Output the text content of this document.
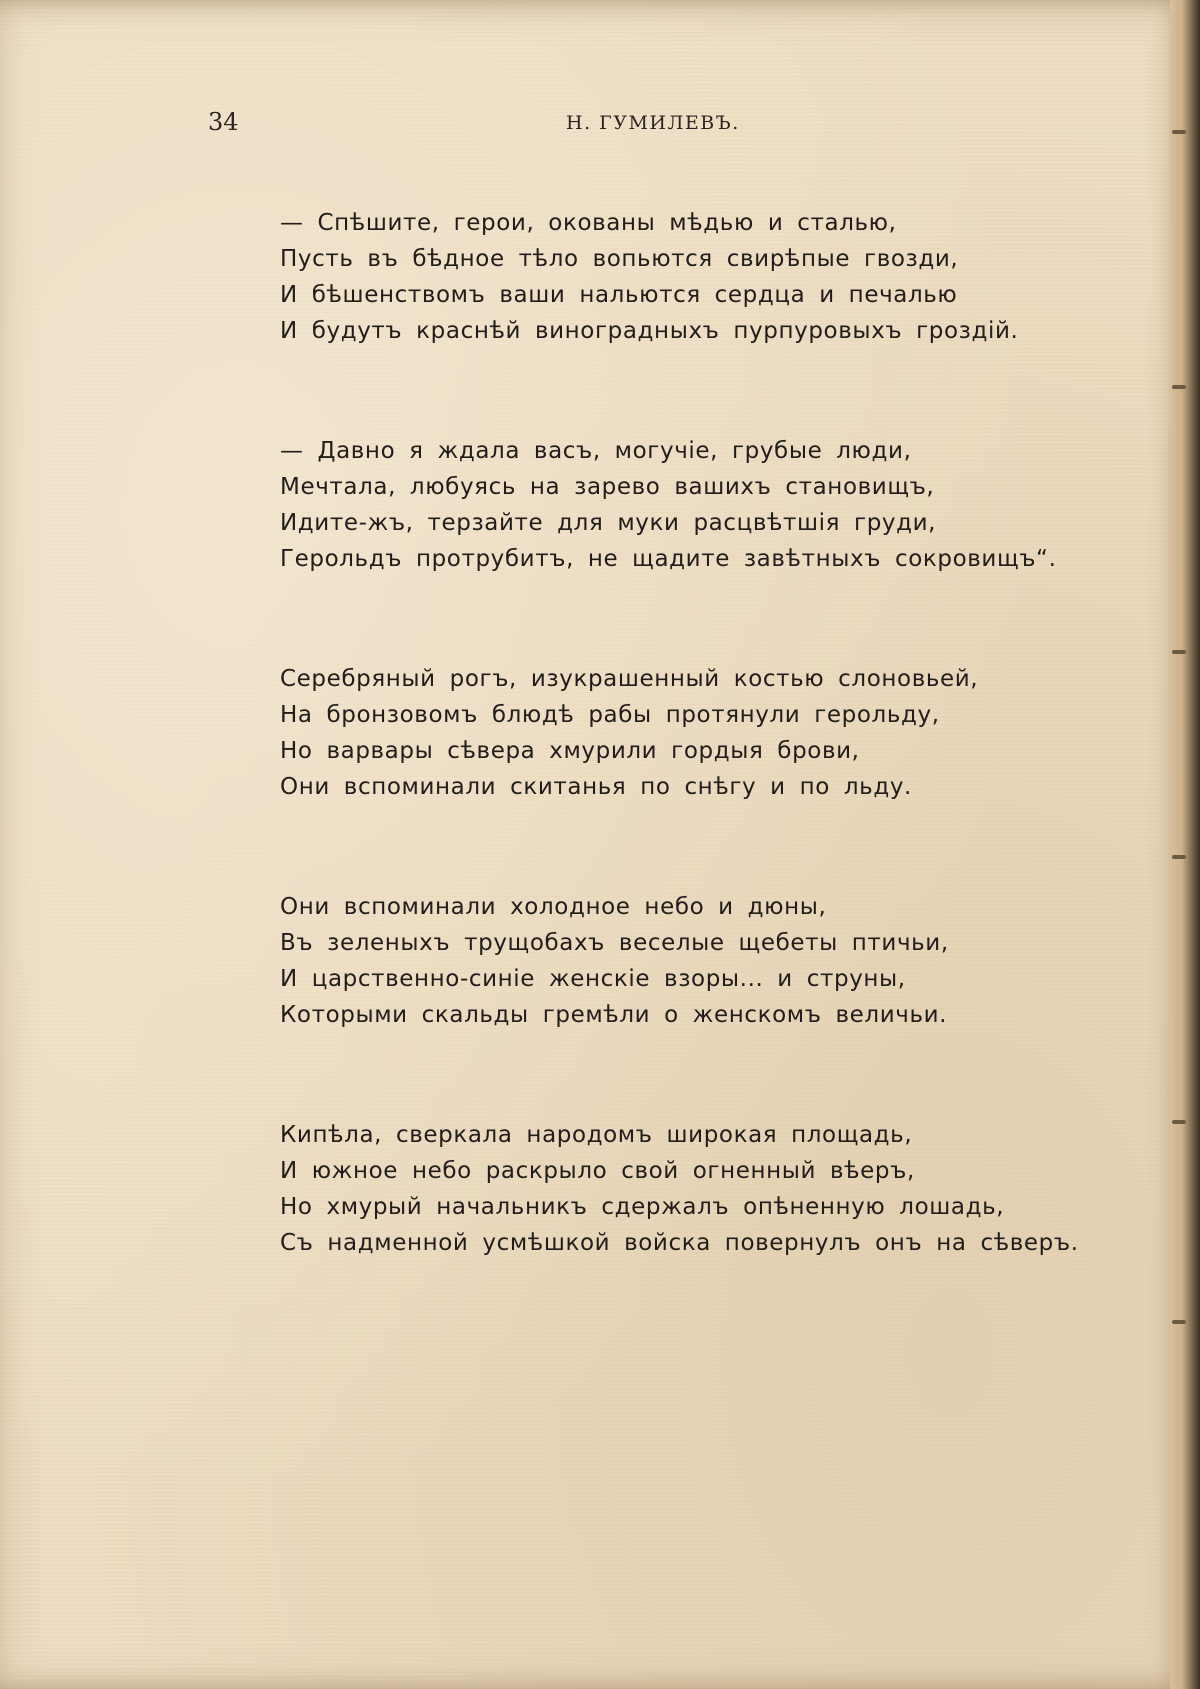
34	Н. ГУМИЛЕВЪ.
— Спѣшите, герои, окованы мѣдью и сталью,
Пусть въ бѣдное тѣло вопьются свирѣпые гвозди,
И бѣшенствомъ ваши нальются сердца и печалью
И будутъ краснѣй виноградныхъ пурпуровыхъ гроздій.
— Давно я ждала васъ, могучіе, грубые люди,
Мечтала, любуясь на зарево вашихъ становищъ,
Идите-жъ, терзайте для муки расцвѣтшія груди,
Герольдъ протрубитъ, не щадите завѣтныхъ сокровищъ“.
Серебряный рогъ, изукрашенный костью слоновьей,
На бронзовомъ блюдѣ рабы протянули герольду,
Но варвары сѣвера хмурили гордыя брови,
Они вспоминали скитанья по снѣгу и по льду.
Они вспоминали холодное небо и дюны,
Въ зеленыхъ трущобахъ веселые щебеты птичьи,
И царственно-синіе женскіе взоры... и струны,
Которыми скальды гремѣли о женскомъ величьи.
Кипѣла, сверкала народомъ широкая площадь,
И южное небо раскрыло свой огненный вѣеръ,
Но хмурый начальникъ сдержалъ опѣненную лошадь,
Съ надменной усмѣшкой войска повернулъ онъ на сѣверъ.
